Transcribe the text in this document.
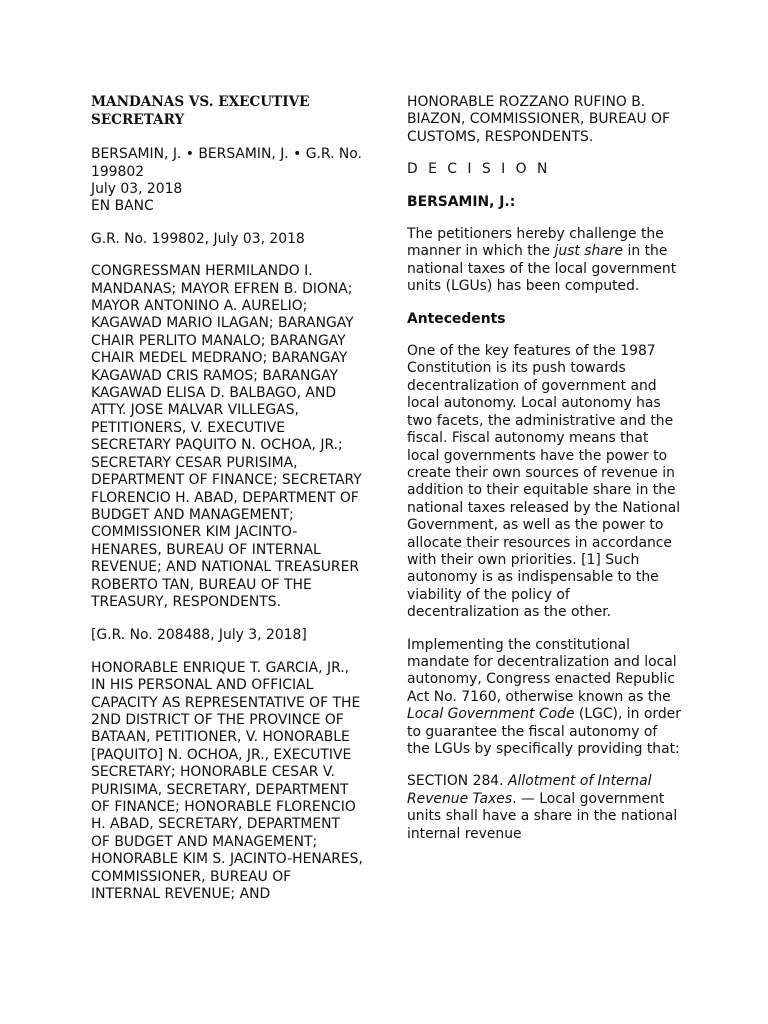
MANDANAS VS. EXECUTIVE SECRETARY

BERSAMIN, J. • BERSAMIN, J. • G.R. No. 199802
July 03, 2018
EN BANC

G.R. No. 199802, July 03, 2018

CONGRESSMAN HERMILANDO I. MANDANAS; MAYOR EFREN B. DIONA; MAYOR ANTONINO A. AURELIO; KAGAWAD MARIO ILAGAN; BARANGAY CHAIR PERLITO MANALO; BARANGAY CHAIR MEDEL MEDRANO; BARANGAY KAGAWAD CRIS RAMOS; BARANGAY KAGAWAD ELISA D. BALBAGO, AND ATTY. JOSE MALVAR VILLEGAS, PETITIONERS, V. EXECUTIVE SECRETARY PAQUITO N. OCHOA, JR.; SECRETARY CESAR PURISIMA, DEPARTMENT OF FINANCE; SECRETARY FLORENCIO H. ABAD, DEPARTMENT OF BUDGET AND MANAGEMENT; COMMISSIONER KIM JACINTO-HENARES, BUREAU OF INTERNAL REVENUE; AND NATIONAL TREASURER ROBERTO TAN, BUREAU OF THE TREASURY, RESPONDENTS.

[G.R. No. 208488, July 3, 2018]

HONORABLE ENRIQUE T. GARCIA, JR., IN HIS PERSONAL AND OFFICIAL CAPACITY AS REPRESENTATIVE OF THE 2ND DISTRICT OF THE PROVINCE OF BATAAN, PETITIONER, V. HONORABLE [PAQUITO] N. OCHOA, JR., EXECUTIVE SECRETARY; HONORABLE CESAR V. PURISIMA, SECRETARY, DEPARTMENT OF FINANCE; HONORABLE FLORENCIO H. ABAD, SECRETARY, DEPARTMENT OF BUDGET AND MANAGEMENT; HONORABLE KIM S. JACINTO-HENARES, COMMISSIONER, BUREAU OF INTERNAL REVENUE; AND

HONORABLE ROZZANO RUFINO B. BIAZON, COMMISSIONER, BUREAU OF CUSTOMS, RESPONDENTS.

D E C I S I O N

BERSAMIN, J.:

The petitioners hereby challenge the manner in which the just share in the national taxes of the local government units (LGUs) has been computed.

Antecedents

One of the key features of the 1987 Constitution is its push towards decentralization of government and local autonomy. Local autonomy has two facets, the administrative and the fiscal. Fiscal autonomy means that local governments have the power to create their own sources of revenue in addition to their equitable share in the national taxes released by the National Government, as well as the power to allocate their resources in accordance with their own priorities. [1] Such autonomy is as indispensable to the viability of the policy of decentralization as the other.

Implementing the constitutional mandate for decentralization and local autonomy, Congress enacted Republic Act No. 7160, otherwise known as the Local Government Code (LGC), in order to guarantee the fiscal autonomy of the LGUs by specifically providing that:

SECTION 284. Allotment of Internal Revenue Taxes. — Local government units shall have a share in the national internal revenue
